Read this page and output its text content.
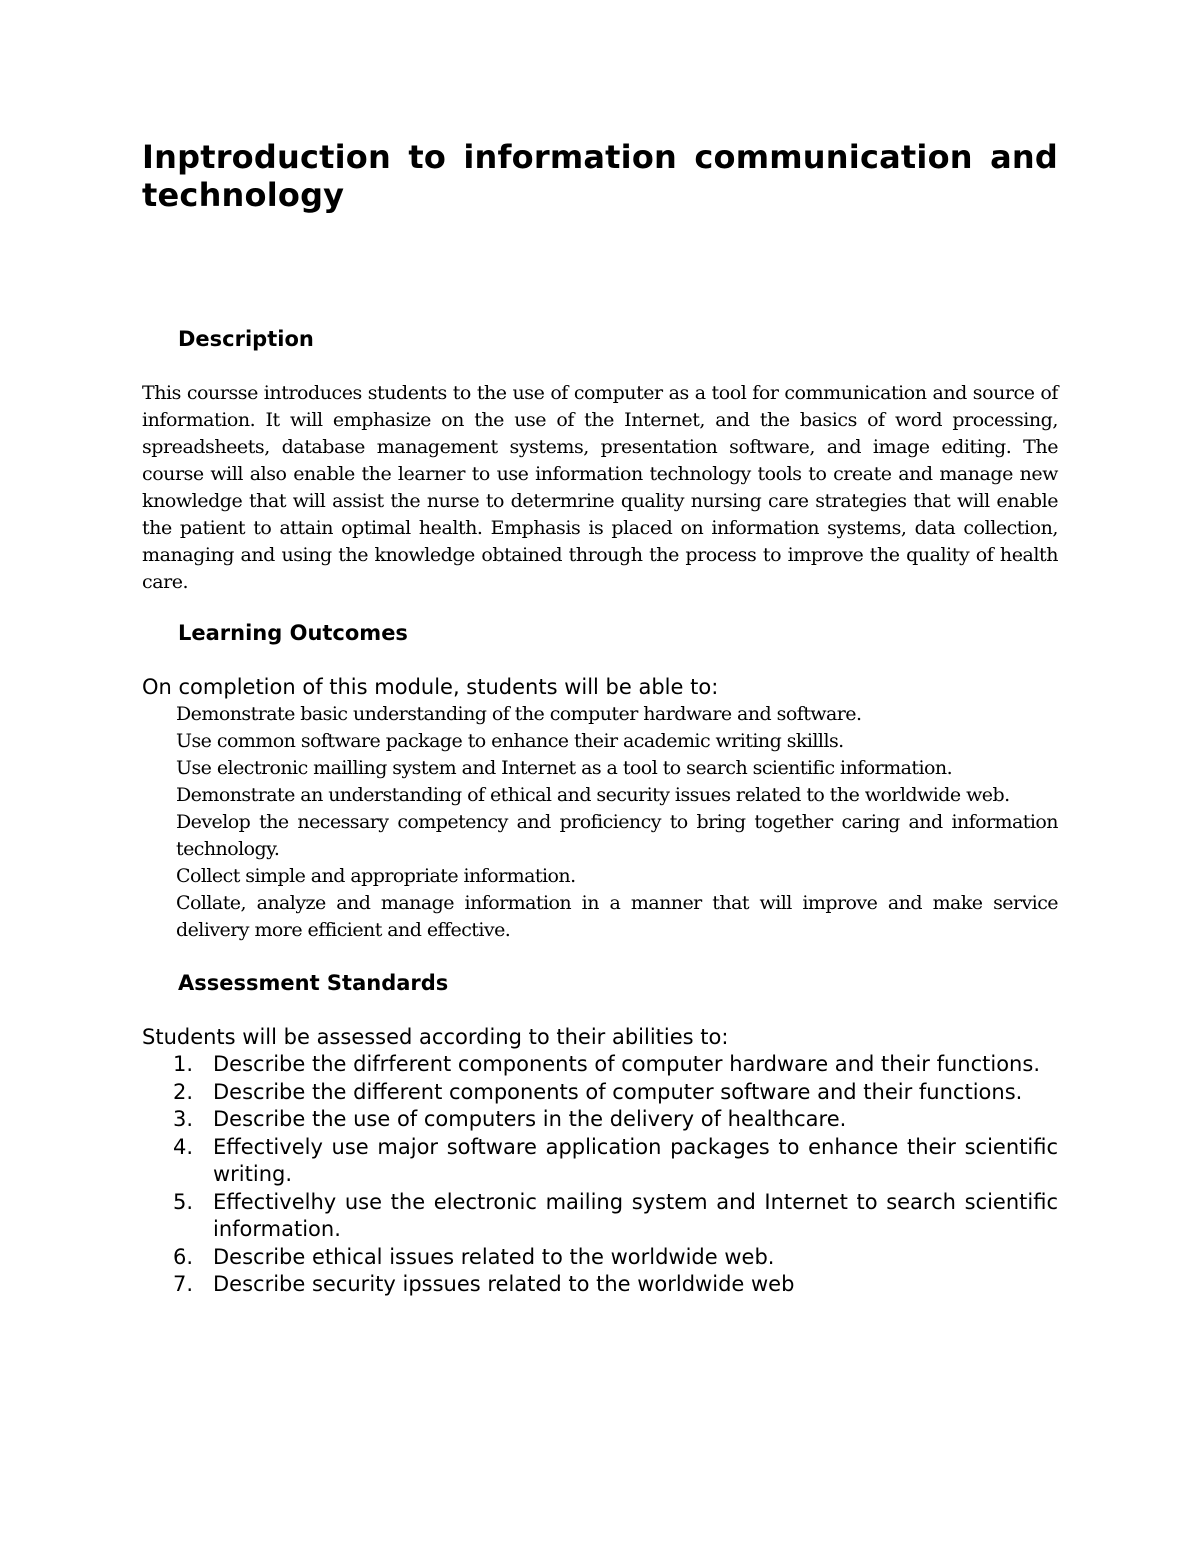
Inptroduction to information communication and technology
Description

This coursse introduces students to the use of computer as a tool for communication and source of information. It will emphasize on the use of the Internet, and the basics of word processing, spreadsheets, database management systems, presentation software, and image editing. The course will also enable the learner to use information technology tools to create and manage new knowledge that will assist the nurse to determrine quality nursing care strategies that will enable the patient to attain optimal health. Emphasis is placed on information systems, data collection, managing and using the knowledge obtained through the process to improve the quality of health care.

Learning Outcomes

On completion of this module, students will be able to:

Demonstrate basic understanding of the computer hardware and software.
Use common software package to enhance their academic writing skillls.
Use electronic mailling system and Internet as a tool to search scientific information.
Demonstrate an understanding of ethical and security issues related to the worldwide web.
Develop the necessary competency and proficiency to bring together caring and information technology.
Collect simple and appropriate information.
Collate, analyze and manage information in a manner that will improve and make service delivery more efficient and effective.
Assessment Standards

Students will be assessed according to their abilities to:

1. Describe the difrferent components of computer hardware and their functions.
2. Describe the different components of computer software and their functions.
3. Describe the use of computers in the delivery of healthcare.
4. Effectively use major software application packages to enhance their scientific writing.
5. Effectivelhy use the electronic mailing system and Internet to search scientific information.
6. Describe ethical issues related to the worldwide web.
7. Describe security ipssues related to the worldwide web
